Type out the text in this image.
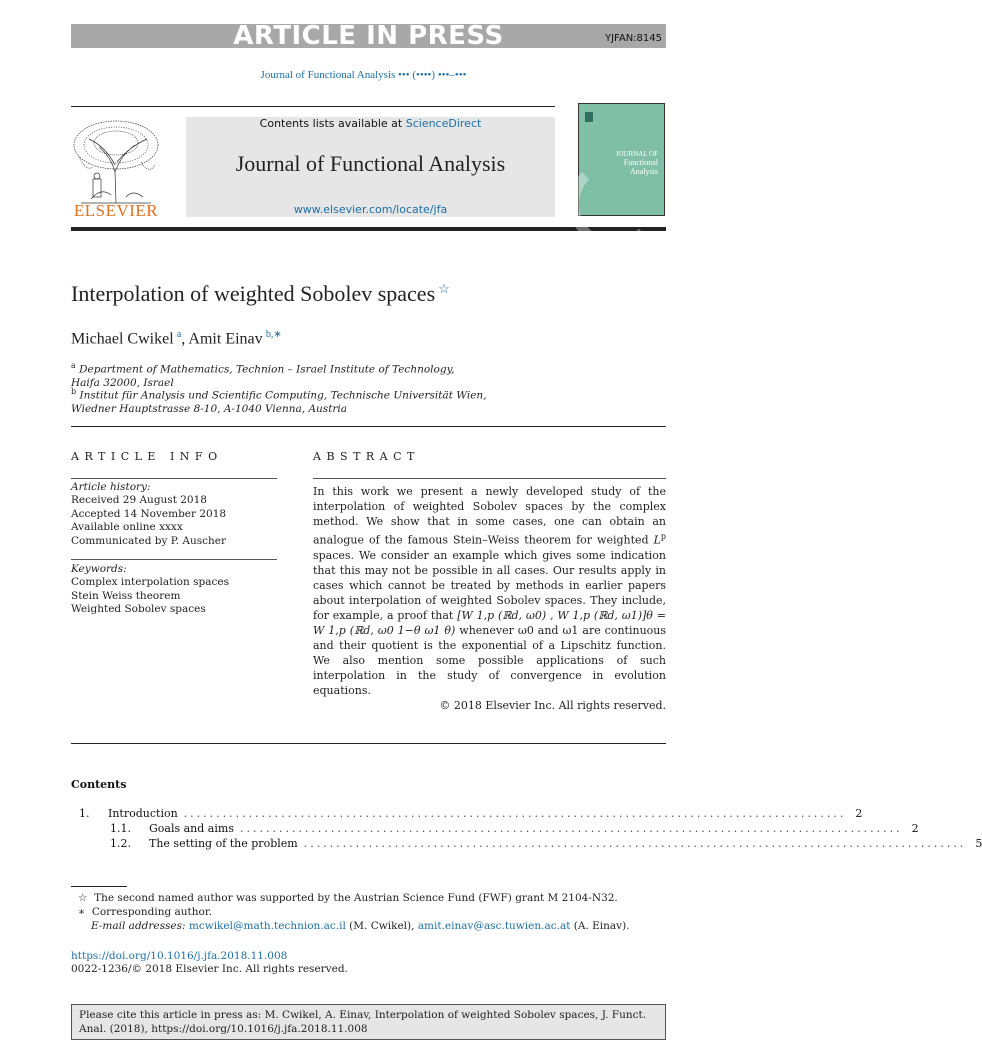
ARTICLE IN PRESS	YJFAN:8145
Journal of Functional Analysis ••• (••••) •••–•••
ELSEVIER
Contents lists available at ScienceDirect
Journal of Functional Analysis
www.elsevier.com/locate/jfa
JOURNAL OF
Functional
Analysis
Interpolation of weighted Sobolev spaces ☆
Michael Cwikel  $^a$, Amit Einav  $^{b,∗}$
$^a$ Department of Mathematics, Technion – Israel Institute of Technology,
Haifa 32000, Israel
$^b$ Institut für Analysis und Scientific Computing, Technische Universität Wien,
Wiedner Hauptstrasse 8-10, A-1040 Vienna, Austria
ARTICLE INFO	ABSTRACT
Article history:
Received 29 August 2018
Accepted 14 November 2018
Available online xxxx
Communicated by P. Auscher
Keywords:
Complex interpolation spaces
Stein Weiss theorem
Weighted Sobolev spaces
In this work we present a newly developed study of the interpolation of weighted Sobolev spaces by the complex method. We show that in some cases, one can obtain an analogue of the famous Stein–Weiss theorem for weighted $L^p$ spaces. We consider an example which gives some indication that this may not be possible in all cases. Our results apply in cases which cannot be treated by methods in earlier papers about interpolation of weighted Sobolev spaces. They include, for example, a proof that [W 1,p (ℝd, ω0) , W 1,p (ℝd, ω1)]θ = W 1,p (ℝd, ω0 1−θ ω1 θ) whenever ω0 and ω1 are continuous and their quotient is the exponential of a Lipschitz function. We also mention some possible applications of such interpolation in the study of convergence in evolution equations.
© 2018 Elsevier Inc. All rights reserved.
Contents
1.	Introduction ...................................................................................................... 2
1.1.	Goals and aims ...................................................................................................... 2
1.2.	The setting of the problem ...................................................................................................... 5
☆ The second named author was supported by the Austrian Science Fund (FWF) grant M 2104-N32.
∗ Corresponding author.
E-mail addresses: mcwikel@math.technion.ac.il (M. Cwikel), amit.einav@asc.tuwien.ac.at (A. Einav).
https://doi.org/10.1016/j.jfa.2018.11.008
0022-1236/© 2018 Elsevier Inc. All rights reserved.
Please cite this article in press as: M. Cwikel, A. Einav, Interpolation of weighted Sobolev spaces, J. Funct. Anal. (2018), https://doi.org/10.1016/j.jfa.2018.11.008
